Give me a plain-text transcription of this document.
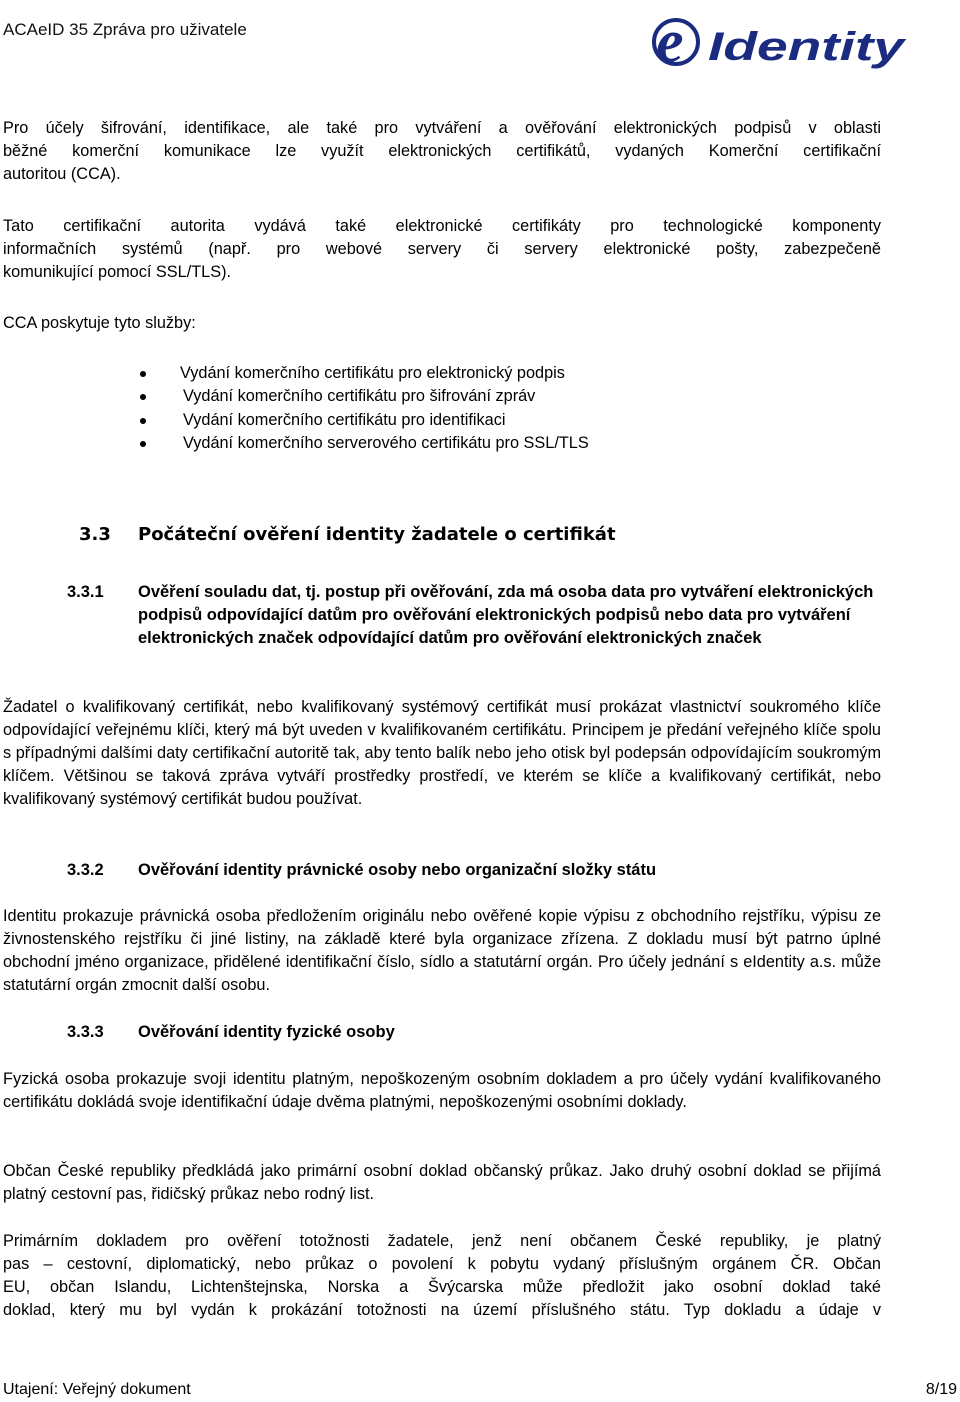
ACAeID 35 Zpráva pro uživatele	e Identity
Pro účely šifrování, identifikace, ale také pro vytváření a ověřování elektronických podpisů v oblasti
běžné komerční komunikace lze využít elektronických certifikátů, vydaných Komerční certifikační
autoritou (CCA).
Tato certifikační autorita vydává také elektronické certifikáty pro technologické komponenty
informačních systémů (např. pro webové servery či servery elektronické pošty, zabezpečeně
komunikující pomocí SSL/TLS).
CCA poskytuje tyto služby:
Vydání komerčního certifikátu pro elektronický podpis
Vydání komerčního certifikátu pro šifrování zpráv
Vydání komerčního certifikátu pro identifikaci
Vydání komerčního serverového certifikátu pro SSL/TLS
3.3 Počáteční ověření identity žadatele o certifikát
3.3.1 Ověření souladu dat, tj. postup při ověřování, zda má osoba data pro vytváření elektronických podpisů odpovídající datům pro ověřování elektronických podpisů nebo data pro vytváření elektronických značek odpovídající datům pro ověřování elektronických značek
Žadatel o kvalifikovaný certifikát, nebo kvalifikovaný systémový certifikát musí prokázat vlastnictví soukromého klíče odpovídající veřejnému klíči, který má být uveden v kvalifikovaném certifikátu. Principem je předání veřejného klíče spolu s případnými dalšími daty certifikační autoritě tak, aby tento balík nebo jeho otisk byl podepsán odpovídajícím soukromým klíčem. Většinou se taková zpráva vytváří prostředky prostředí, ve kterém se klíče a kvalifikovaný certifikát, nebo kvalifikovaný systémový certifikát budou používat.
3.3.2 Ověřování identity právnické osoby nebo organizační složky státu
Identitu prokazuje právnická osoba předložením originálu nebo ověřené kopie výpisu z obchodního rejstříku, výpisu ze živnostenského rejstříku či jiné listiny, na základě které byla organizace zřízena. Z dokladu musí být patrno úplné obchodní jméno organizace, přidělené identifikační číslo, sídlo a statutární orgán. Pro účely jednání s eIdentity a.s. může statutární orgán zmocnit další osobu.
3.3.3 Ověřování identity fyzické osoby
Fyzická osoba prokazuje svoji identitu platným, nepoškozeným osobním dokladem a pro účely vydání kvalifikovaného certifikátu dokládá svoje identifikační údaje dvěma platnými, nepoškozenými osobními doklady.
Občan České republiky předkládá jako primární osobní doklad občanský průkaz. Jako druhý osobní doklad se přijímá platný cestovní pas, řidičský průkaz nebo rodný list.
Primárním dokladem pro ověření totožnosti žadatele, jenž není občanem České republiky, je platný
pas – cestovní, diplomatický, nebo průkaz o povolení k pobytu vydaný příslušným orgánem ČR. Občan
EU, občan Islandu, Lichtenštejnska, Norska a Švýcarska může předložit jako osobní doklad také
doklad, který mu byl vydán k prokázání totožnosti na území příslušného státu. Typ dokladu a údaje v
Utajení: Veřejný dokument	8/19
